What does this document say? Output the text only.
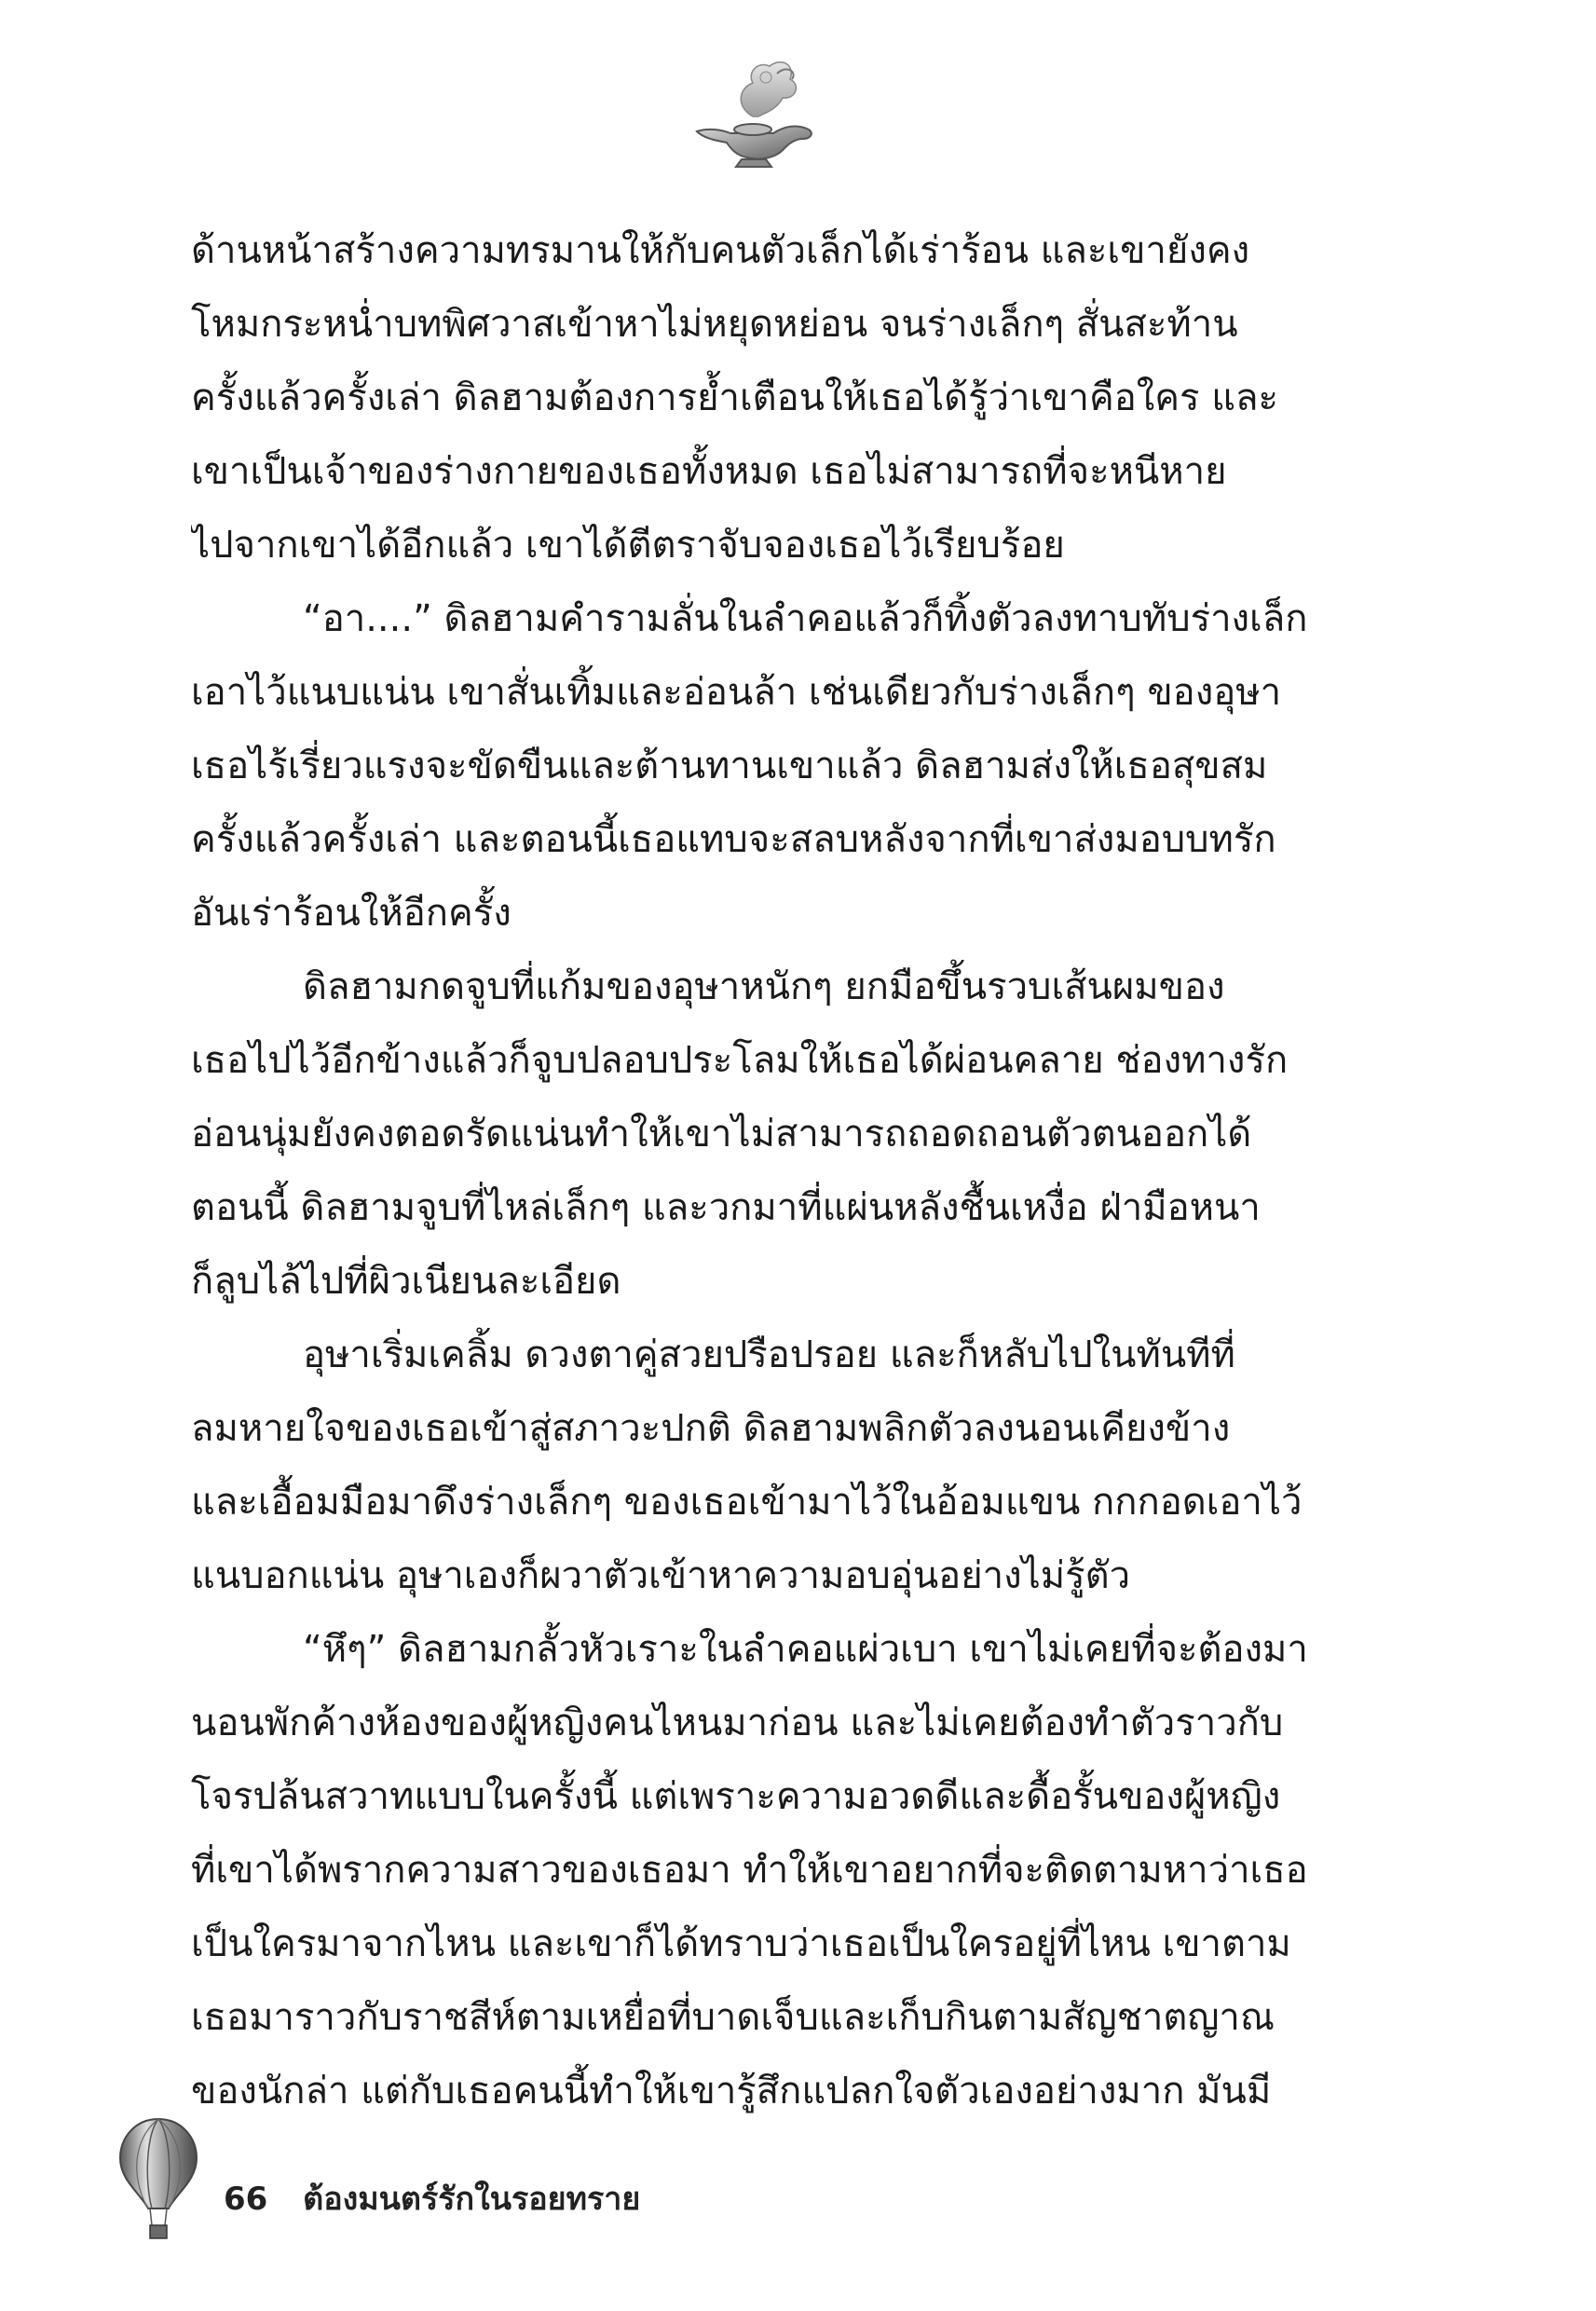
ด้านหน้าสร้างความทรมานให้กับคนตัวเล็กได้เร่าร้อน และเขายังคง
โหมกระหน่ำบทพิศวาสเข้าหาไม่หยุดหย่อน จนร่างเล็กๆ สั่นสะท้าน
ครั้งแล้วครั้งเล่า ดิลฮามต้องการย้ำเตือนให้เธอได้รู้ว่าเขาคือใคร และ
เขาเป็นเจ้าของร่างกายของเธอทั้งหมด เธอไม่สามารถที่จะหนีหาย
ไปจากเขาได้อีกแล้ว เขาได้ตีตราจับจองเธอไว้เรียบร้อย
“อา....” ดิลฮามคำรามลั่นในลำคอแล้วก็ทิ้งตัวลงทาบทับร่างเล็ก
เอาไว้แนบแน่น เขาสั่นเทิ้มและอ่อนล้า เช่นเดียวกับร่างเล็กๆ ของอุษา
เธอไร้เรี่ยวแรงจะขัดขืนและต้านทานเขาแล้ว ดิลฮามส่งให้เธอสุขสม
ครั้งแล้วครั้งเล่า และตอนนี้เธอแทบจะสลบหลังจากที่เขาส่งมอบบทรัก
อันเร่าร้อนให้อีกครั้ง
ดิลฮามกดจูบที่แก้มของอุษาหนักๆ ยกมือขึ้นรวบเส้นผมของ
เธอไปไว้อีกข้างแล้วก็จูบปลอบประโลมให้เธอได้ผ่อนคลาย ช่องทางรัก
อ่อนนุ่มยังคงตอดรัดแน่นทำให้เขาไม่สามารถถอดถอนตัวตนออกได้
ตอนนี้ ดิลฮามจูบที่ไหล่เล็กๆ และวกมาที่แผ่นหลังชื้นเหงื่อ ฝ่ามือหนา
ก็ลูบไล้ไปที่ผิวเนียนละเอียด
อุษาเริ่มเคลิ้ม ดวงตาคู่สวยปรือปรอย และก็หลับไปในทันทีที่
ลมหายใจของเธอเข้าสู่สภาวะปกติ ดิลฮามพลิกตัวลงนอนเคียงข้าง
และเอื้อมมือมาดึงร่างเล็กๆ ของเธอเข้ามาไว้ในอ้อมแขน กกกอดเอาไว้
แนบอกแน่น อุษาเองก็ผวาตัวเข้าหาความอบอุ่นอย่างไม่รู้ตัว
“หึๆ” ดิลฮามกลั้วหัวเราะในลำคอแผ่วเบา เขาไม่เคยที่จะต้องมา
นอนพักค้างห้องของผู้หญิงคนไหนมาก่อน และไม่เคยต้องทำตัวราวกับ
โจรปล้นสวาทแบบในครั้งนี้ แต่เพราะความอวดดีและดื้อรั้นของผู้หญิง
ที่เขาได้พรากความสาวของเธอมา ทำให้เขาอยากที่จะติดตามหาว่าเธอ
เป็นใครมาจากไหน และเขาก็ได้ทราบว่าเธอเป็นใครอยู่ที่ไหน เขาตาม
เธอมาราวกับราชสีห์ตามเหยื่อที่บาดเจ็บและเก็บกินตามสัญชาตญาณ
ของนักล่า แต่กับเธอคนนี้ทำให้เขารู้สึกแปลกใจตัวเองอย่างมาก มันมี
66 ต้องมนตร์รักในรอยทราย
